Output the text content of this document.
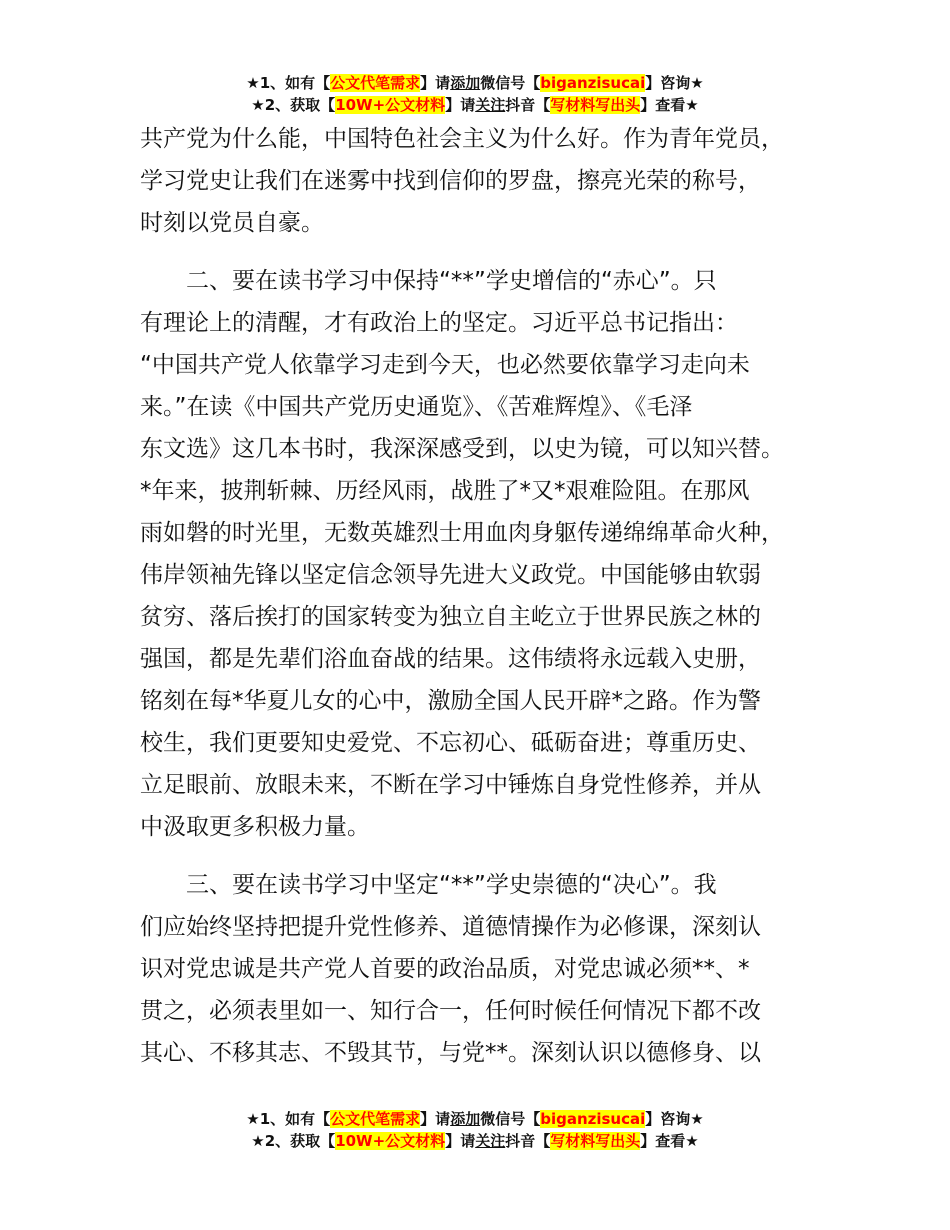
★1、如有【公文代笔需求】请添加微信号【biganzisucai】咨询★
★2、获取【10W+公文材料】请关注抖音【写材料写出头】查看★

共产党为什么能，中国特色社会主义为什么好。作为青年党员，
学习党史让我们在迷雾中找到信仰的罗盘，擦亮光荣的称号，
时刻以党员自豪。

　　二、要在读书学习中保持“**”学史增信的“赤心”。只
有理论上的清醒，才有政治上的坚定。习近平总书记指出：
“中国共产党人依靠学习走到今天，也必然要依靠学习走向未
来。”在读《中国共产党历史通览》、《苦难辉煌》、《毛泽
东文选》这几本书时，我深深感受到，以史为镜，可以知兴替。
*年来，披荆斩棘、历经风雨，战胜了*又*艰难险阻。在那风
雨如磐的时光里，无数英雄烈士用血肉身躯传递绵绵革命火种，
伟岸领袖先锋以坚定信念领导先进大义政党。中国能够由软弱
贫穷、落后挨打的国家转变为独立自主屹立于世界民族之林的
强国，都是先辈们浴血奋战的结果。这伟绩将永远载入史册，
铭刻在每*华夏儿女的心中，激励全国人民开辟*之路。作为警
校生，我们更要知史爱党、不忘初心、砥砺奋进；尊重历史、
立足眼前、放眼未来，不断在学习中锤炼自身党性修养，并从
中汲取更多积极力量。

　　三、要在读书学习中坚定“**”学史崇德的“决心”。我
们应始终坚持把提升党性修养、道德情操作为必修课，深刻认
识对党忠诚是共产党人首要的政治品质，对党忠诚必须**、*
贯之，必须表里如一、知行合一，任何时候任何情况下都不改
其心、不移其志、不毁其节，与党**。深刻认识以德修身、以

★1、如有【公文代笔需求】请添加微信号【biganzisucai】咨询★
★2、获取【10W+公文材料】请关注抖音【写材料写出头】查看★
